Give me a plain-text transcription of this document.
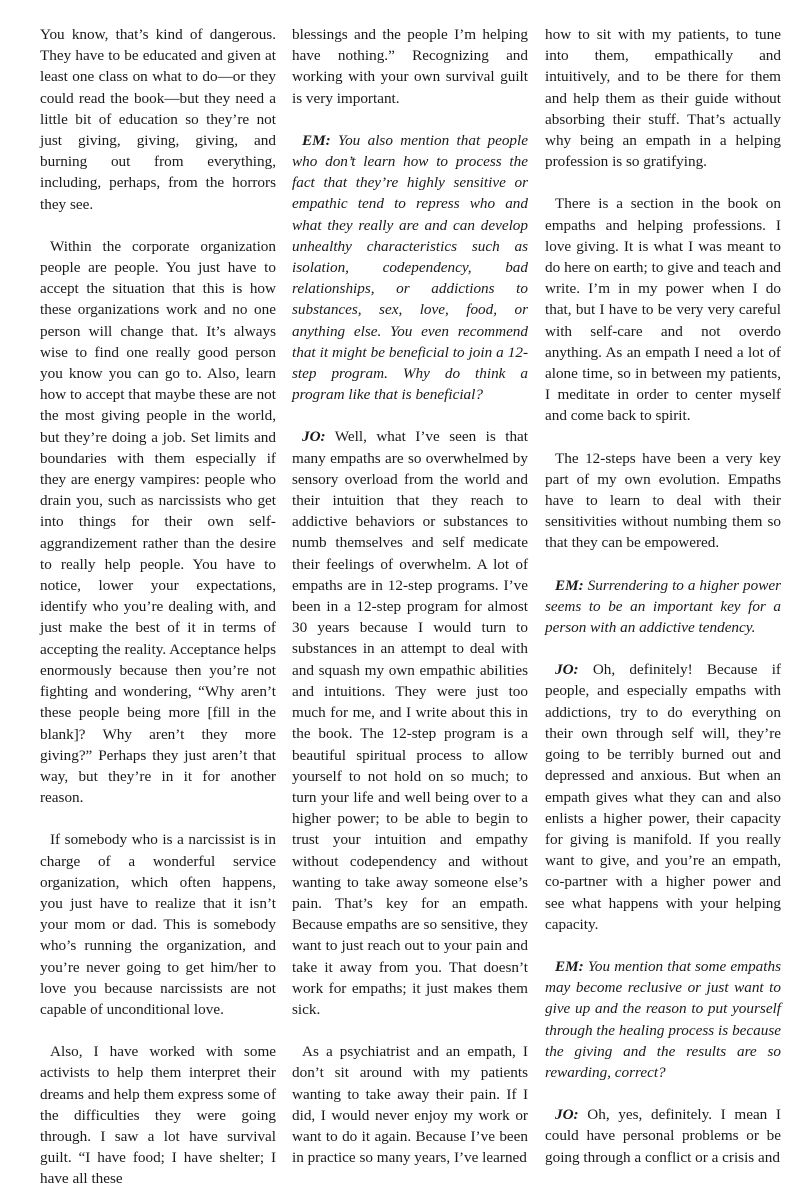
You know, that’s kind of dangerous. They have to be educated and given at least one class on what to do—or they could read the book—but they need a little bit of education so they’re not just giving, giving, giving, and burning out from everything, including, perhaps, from the horrors they see.

Within the corporate organization people are people. You just have to accept the situation that this is how these organizations work and no one person will change that. It’s always wise to find one really good person you know you can go to. Also, learn how to accept that maybe these are not the most giving people in the world, but they’re doing a job. Set limits and boundaries with them especially if they are energy vampires: people who drain you, such as narcissists who get into things for their own self-aggrandizement rather than the desire to really help people. You have to notice, lower your expectations, identify who you’re dealing with, and just make the best of it in terms of accepting the reality. Acceptance helps enormously because then you’re not fighting and wondering, “Why aren’t these people being more [fill in the blank]? Why aren’t they more giving?” Perhaps they just aren’t that way, but they’re in it for another reason.

If somebody who is a narcissist is in charge of a wonderful service organization, which often happens, you just have to realize that it isn’t your mom or dad. This is somebody who’s running the organization, and you’re never going to get him/her to love you because narcissists are not capable of unconditional love.

Also, I have worked with some activists to help them interpret their dreams and help them express some of the difficulties they were going through. I saw a lot have survival guilt. “I have food; I have shelter; I have all these

blessings and the people I’m helping have nothing.” Recognizing and working with your own survival guilt is very important.

EM: You also mention that people who don’t learn how to process the fact that they’re highly sensitive or empathic tend to repress who and what they really are and can develop unhealthy characteristics such as isolation, codependency, bad relationships, or addictions to substances, sex, love, food, or anything else. You even recommend that it might be beneficial to join a 12-step program. Why do think a program like that is beneficial?

JO: Well, what I’ve seen is that many empaths are so overwhelmed by sensory overload from the world and their intuition that they reach to addictive behaviors or substances to numb themselves and self medicate their feelings of overwhelm. A lot of empaths are in 12-step programs. I’ve been in a 12-step program for almost 30 years because I would turn to substances in an attempt to deal with and squash my own empathic abilities and intuitions. They were just too much for me, and I write about this in the book. The 12-step program is a beautiful spiritual process to allow yourself to not hold on so much; to turn your life and well being over to a higher power; to be able to begin to trust your intuition and empathy without codependency and without wanting to take away someone else’s pain. That’s key for an empath. Because empaths are so sensitive, they want to just reach out to your pain and take it away from you. That doesn’t work for empaths; it just makes them sick.

As a psychiatrist and an empath, I don’t sit around with my patients wanting to take away their pain. If I did, I would never enjoy my work or want to do it again. Because I’ve been in practice so many years, I’ve learned

how to sit with my patients, to tune into them, empathically and intuitively, and to be there for them and help them as their guide without absorbing their stuff. That’s actually why being an empath in a helping profession is so gratifying.

There is a section in the book on empaths and helping professions. I love giving. It is what I was meant to do here on earth; to give and teach and write. I’m in my power when I do that, but I have to be very very careful with self-care and not overdo anything. As an empath I need a lot of alone time, so in between my patients, I meditate in order to center myself and come back to spirit.

The 12-steps have been a very key part of my own evolution. Empaths have to learn to deal with their sensitivities without numbing them so that they can be empowered.

EM: Surrendering to a higher power seems to be an important key for a person with an addictive tendency.

JO: Oh, definitely! Because if people, and especially empaths with addictions, try to do everything on their own through self will, they’re going to be terribly burned out and depressed and anxious. But when an empath gives what they can and also enlists a higher power, their capacity for giving is manifold. If you really want to give, and you’re an empath, co-partner with a higher power and see what happens with your helping capacity.

EM: You mention that some empaths may become reclusive or just want to give up and the reason to put yourself through the healing process is because the giving and the results are so rewarding, correct?

JO: Oh, yes, definitely. I mean I could have personal problems or be going through a conflict or a crisis and
